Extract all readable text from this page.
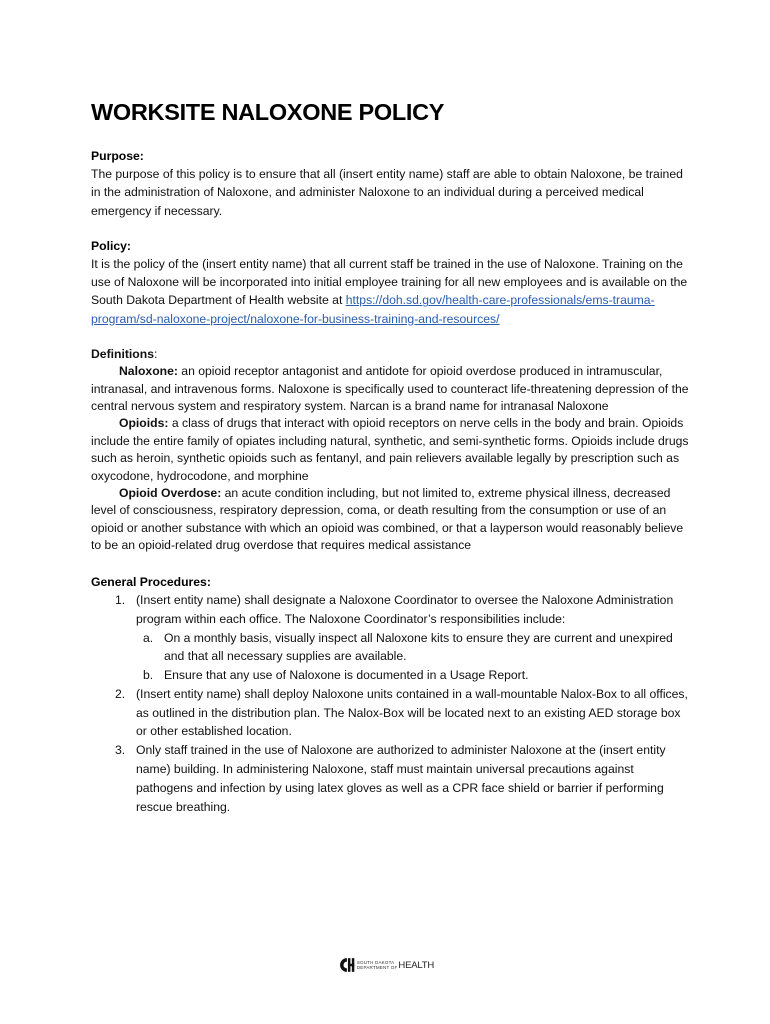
WORKSITE NALOXONE POLICY
Purpose:
The purpose of this policy is to ensure that all (insert entity name) staff are able to obtain Naloxone, be trained in the administration of Naloxone, and administer Naloxone to an individual during a perceived medical emergency if necessary.
Policy:
It is the policy of the (insert entity name) that all current staff be trained in the use of Naloxone. Training on the use of Naloxone will be incorporated into initial employee training for all new employees and is available on the South Dakota Department of Health website at https://doh.sd.gov/health-care-professionals/ems-trauma-program/sd-naloxone-project/naloxone-for-business-training-and-resources/
Definitions:
Naloxone: an opioid receptor antagonist and antidote for opioid overdose produced in intramuscular, intranasal, and intravenous forms. Naloxone is specifically used to counteract life-threatening depression of the central nervous system and respiratory system. Narcan is a brand name for intranasal Naloxone
Opioids: a class of drugs that interact with opioid receptors on nerve cells in the body and brain. Opioids include the entire family of opiates including natural, synthetic, and semi-synthetic forms. Opioids include drugs such as heroin, synthetic opioids such as fentanyl, and pain relievers available legally by prescription such as oxycodone, hydrocodone, and morphine
Opioid Overdose: an acute condition including, but not limited to, extreme physical illness, decreased level of consciousness, respiratory depression, coma, or death resulting from the consumption or use of an opioid or another substance with which an opioid was combined, or that a layperson would reasonably believe to be an opioid-related drug overdose that requires medical assistance
General Procedures:
1. (Insert entity name) shall designate a Naloxone Coordinator to oversee the Naloxone Administration program within each office. The Naloxone Coordinator’s responsibilities include:
a. On a monthly basis, visually inspect all Naloxone kits to ensure they are current and unexpired and that all necessary supplies are available.
b. Ensure that any use of Naloxone is documented in a Usage Report.
2. (Insert entity name) shall deploy Naloxone units contained in a wall-mountable Nalox-Box to all offices, as outlined in the distribution plan. The Nalox-Box will be located next to an existing AED storage box or other established location.
3. Only staff trained in the use of Naloxone are authorized to administer Naloxone at the (insert entity name) building. In administering Naloxone, staff must maintain universal precautions against pathogens and infection by using latex gloves as well as a CPR face shield or barrier if performing rescue breathing.
SOUTH DAKOTA
DEPARTMENT OF HEALTH
